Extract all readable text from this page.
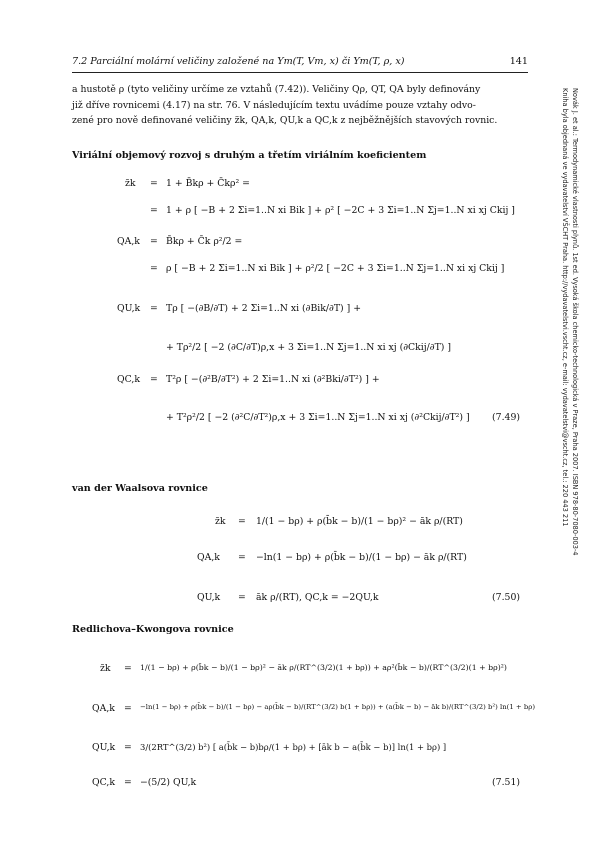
7.2 Parciální molární veličiny založené na Ym(T, Vm, x) či Ym(T, ρ, x)	141
a hustotě ρ (tyto veličiny určíme ze vztahů (7.42)). Veličiny Qρ, QT, QA byly definovány
již dříve rovnicemi (4.17) na str. 76. V následujícím textu uvádíme pouze vztahy odvo-
zené pro nově definované veličiny z̃k, QA,k, QU,k a QC,k z nejběžnějších stavových rovnic.
Viriální objemový rozvoj s druhým a třetím viriálním koeficientem
z̃k = 1 + B̄kρ + C̄kρ² =
= 1 + ρ [ −B + 2 Σi=1..N xi Bik ] + ρ² [ −2C + 3 Σi=1..N Σj=1..N xi xj Ckij ]
QA,k = B̄kρ + C̄k ρ²/2 =
= ρ [ −B + 2 Σi=1..N xi Bik ] + ρ²/2 [ −2C + 3 Σi=1..N Σj=1..N xi xj Ckij ]
QU,k = Tρ [ −(∂B/∂T) + 2 Σi=1..N xi (∂Bik/∂T) ] +
+ Tρ²/2 [ −2 (∂C/∂T)ρ,x + 3 Σi=1..N Σj=1..N xi xj (∂Ckij/∂T) ]
QC,k = T²ρ [ −(∂²B/∂T²) + 2 Σi=1..N xi (∂²Bki/∂T²) ] +
+ T²ρ²/2 [ −2 (∂²C/∂T²)ρ,x + 3 Σi=1..N Σj=1..N xi xj (∂²Ckij/∂T²) ] (7.49)
van der Waalsova rovnice
z̃k = 1/(1 − bρ) + ρ(b̄k − b)/(1 − bρ)² − āk ρ/(RT)
QA,k = −ln(1 − bρ) + ρ(b̄k − b)/(1 − bρ) − āk ρ/(RT)
QU,k = āk ρ/(RT), QC,k = −2QU,k	(7.50)
Redlichova–Kwongova rovnice
z̃k = 1/(1 − bρ) + ρ(b̄k − b)/(1 − bρ)² − āk ρ/(RT^(3/2)(1 + bρ)) + aρ²(b̄k − b)/(RT^(3/2)(1 + bρ)²)
QA,k = −ln(1 − bρ) + ρ(b̄k − b)/(1 − bρ) − aρ(b̄k − b)/(RT^(3/2) b(1 + bρ)) + (a(b̄k − b) − āk b)/(RT^(3/2) b²) ln(1 + bρ)
QU,k = 3/(2RT^(3/2) b²) [ a(b̄k − b)bρ/(1 + bρ) + [āk b − a(b̄k − b)] ln(1 + bρ) ]
QC,k = −(5/2) QU,k	(7.51)
Novák J. et al.: Termodynamické vlastnosti plynů. 1st ed. Vysoká škola chemicko-technologická v Praze, Praha 2007. ISBN 978-80-7080-003-4
Kniha byla objednaná ve vydavatelství VŠCHT Praha. http://vydavatelstvi.vscht.cz, e-mail: vydavatelstvi@vscht.cz, tel.: 220 443 211
